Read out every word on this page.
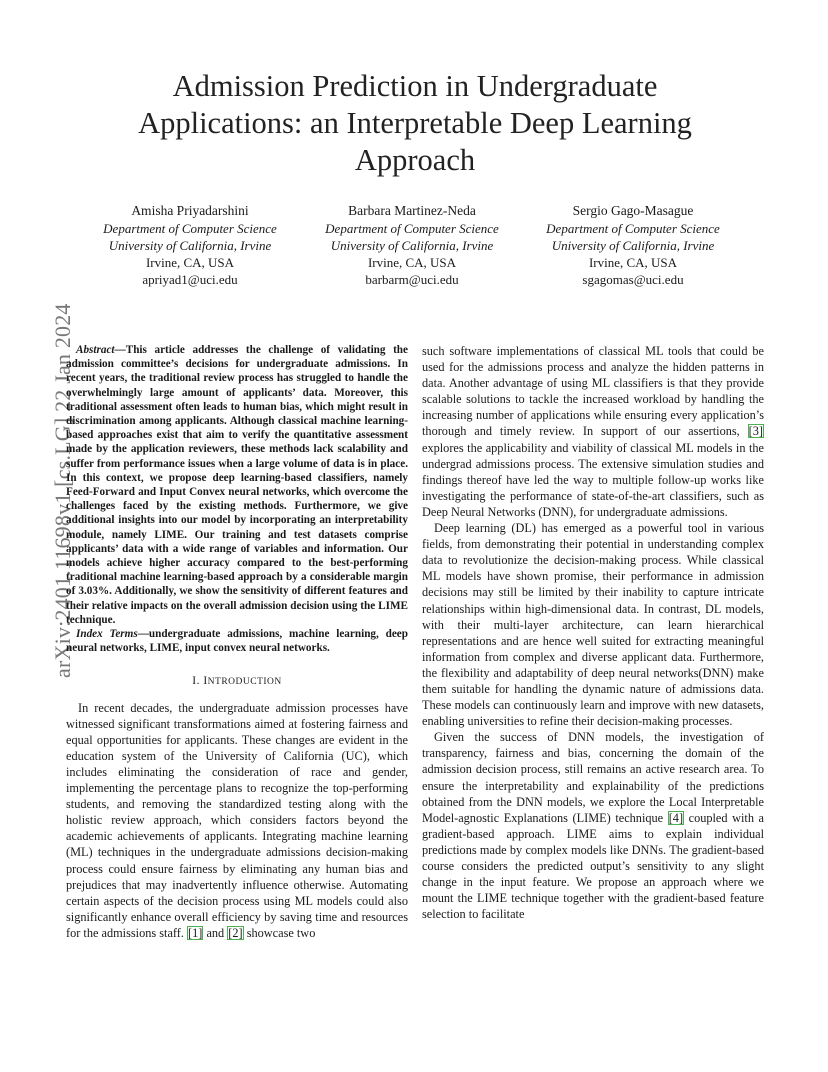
Admission Prediction in Undergraduate Applications: an Interpretable Deep Learning Approach
Amisha Priyadarshini
Department of Computer Science
University of California, Irvine
Irvine, CA, USA
apriyad1@uci.edu
Barbara Martinez-Neda
Department of Computer Science
University of California, Irvine
Irvine, CA, USA
barbarm@uci.edu
Sergio Gago-Masague
Department of Computer Science
University of California, Irvine
Irvine, CA, USA
sgagomas@uci.edu
arXiv:2401.11698v1 [cs.LG] 22 Jan 2024 Abstract—This article addresses the challenge of validating the admission committee’s decisions for undergraduate admissions. In recent years, the traditional review process has struggled to handle the overwhelmingly large amount of applicants’ data. Moreover, this traditional assessment often leads to human bias, which might result in discrimination among applicants. Although classical machine learning-based approaches exist that aim to verify the quantitative assessment made by the application reviewers, these methods lack scalability and suffer from performance issues when a large volume of data is in place. In this context, we propose deep learning-based classifiers, namely Feed-Forward and Input Convex neural networks, which overcome the challenges faced by the existing methods. Furthermore, we give additional insights into our model by incorporating an interpretability module, namely LIME. Our training and test datasets comprise applicants’ data with a wide range of variables and information. Our models achieve higher accuracy compared to the best-performing traditional machine learning-based approach by a considerable margin of 3.03%. Additionally, we show the sensitivity of different features and their relative impacts on the overall admission decision using the LIME technique.
Index Terms—undergraduate admissions, machine learning, deep neural networks, LIME, input convex neural networks.
I. INTRODUCTION

In recent decades, the undergraduate admission processes have witnessed significant transformations aimed at fostering fairness and equal opportunities for applicants. These changes are evident in the education system of the University of California (UC), which includes eliminating the consideration of race and gender, implementing the percentage plans to recognize the top-performing students, and removing the standardized testing along with the holistic review approach, which considers factors beyond the academic achievements of applicants. Integrating machine learning (ML) techniques in the undergraduate admissions decision-making process could ensure fairness by eliminating any human bias and prejudices that may inadvertently influence otherwise. Automating certain aspects of the decision process using ML models could also significantly enhance overall efficiency by saving time and resources for the admissions staff. [1] and [2] showcase two

such software implementations of classical ML tools that could be used for the admissions process and analyze the hidden patterns in data. Another advantage of using ML classifiers is that they provide scalable solutions to tackle the increased workload by handling the increasing number of applications while ensuring every application’s thorough and timely review. In support of our assertions, [3] explores the applicability and viability of classical ML models in the undergrad admissions process. The extensive simulation studies and findings thereof have led the way to multiple follow-up works like investigating the performance of state-of-the-art classifiers, such as Deep Neural Networks (DNN), for undergraduate admissions.

Deep learning (DL) has emerged as a powerful tool in various fields, from demonstrating their potential in understanding complex data to revolutionize the decision-making process. While classical ML models have shown promise, their performance in admission decisions may still be limited by their inability to capture intricate relationships within high-dimensional data. In contrast, DL models, with their multi-layer architecture, can learn hierarchical representations and are hence well suited for extracting meaningful information from complex and diverse applicant data. Furthermore, the flexibility and adaptability of deep neural networks(DNN) make them suitable for handling the dynamic nature of admissions data. These models can continuously learn and improve with new datasets, enabling universities to refine their decision-making processes.

Given the success of DNN models, the investigation of transparency, fairness and bias, concerning the domain of the admission decision process, still remains an active research area. To ensure the interpretability and explainability of the predictions obtained from the DNN models, we explore the Local Interpretable Model-agnostic Explanations (LIME) technique [4] coupled with a gradient-based approach. LIME aims to explain individual predictions made by complex models like DNNs. The gradient-based course considers the predicted output’s sensitivity to any slight change in the input feature. We propose an approach where we mount the LIME technique together with the gradient-based feature selection to facilitate
